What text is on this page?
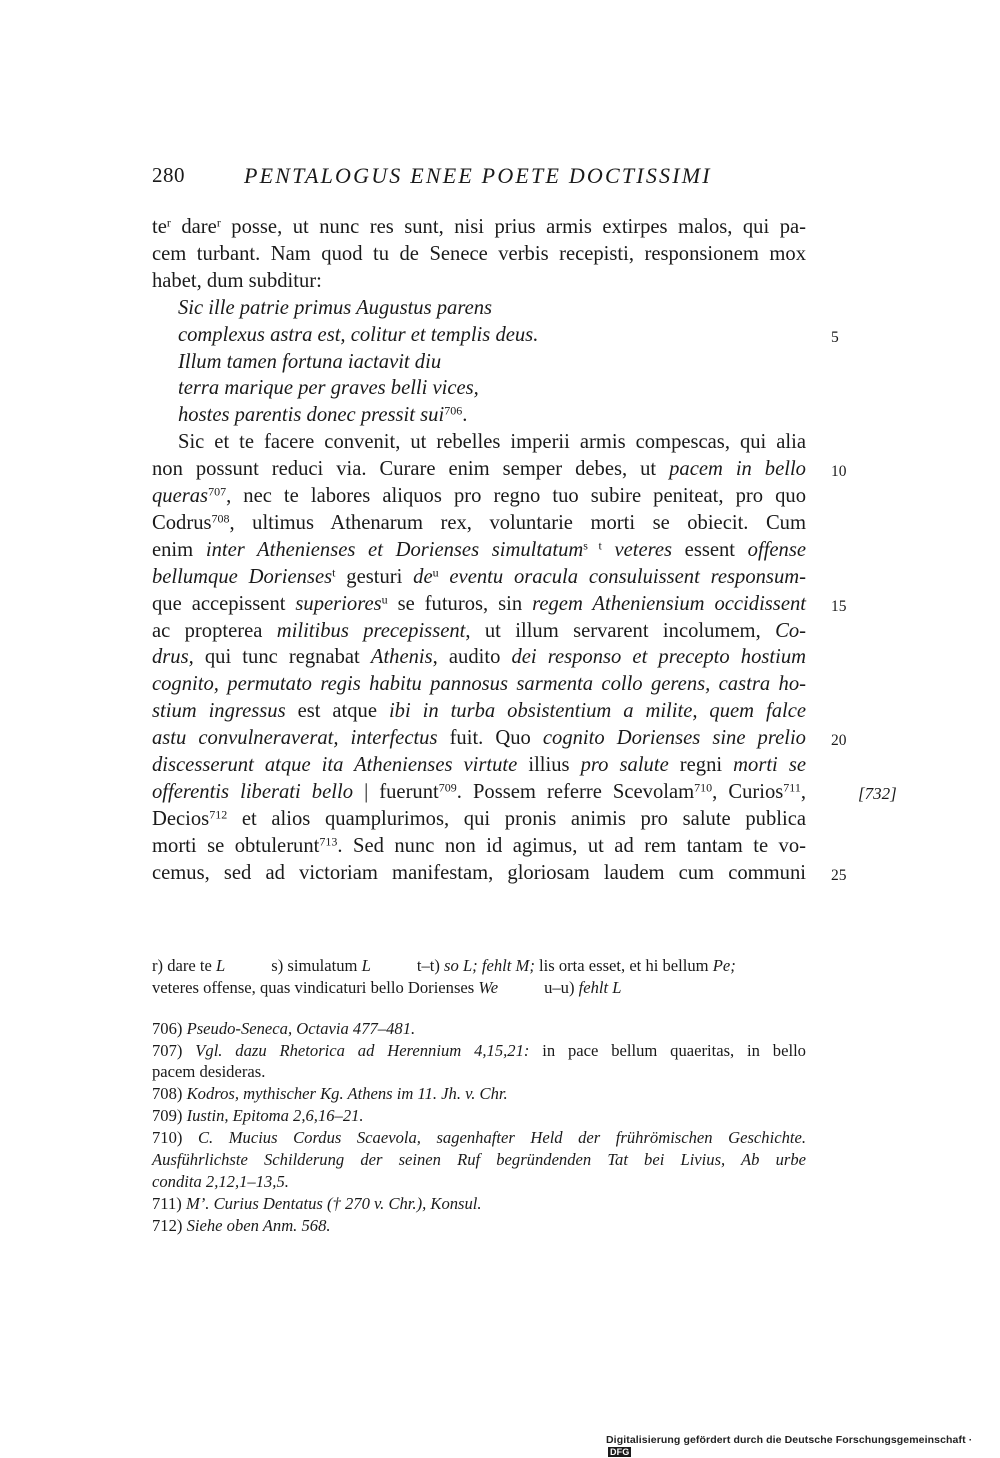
280	PENTALOGUS ENEE POETE DOCTISSIMI
$te^r$ dare$^r$ posse, ut nunc res sunt, nisi prius armis extirpes malos, qui pa-
cem turbant. Nam quod tu de Senece verbis recepisti, responsionem mox
habet, dum subditur:
Sic ille patrie primus Augustus parens
complexus astra est, colitur et templis deus.
Illum tamen fortuna iactavit diu
terra marique per graves belli vices,
hostes parentis donec pressit sui$^{706}$.
Sic et te facere convenit, ut rebelles imperii armis compescas, qui alia
non possunt reduci via. Curare enim semper debes, ut pacem in bello
queras$^{707}$, nec te labores aliquos pro regno tuo subire peniteat, pro quo
Codrus$^{708}$, ultimus Athenarum rex, voluntarie morti se obiecit. Cum
enim inter Athenienses et Dorienses simultatum$^{s t}$ veteres essent offense
bellumque Dorienses$^t$ gesturi $de^u$ eventu oracula consuluissent responsum-
que accepissent superiores$^u$ se futuros, sin regem Atheniensium occidissent
ac propterea militibus precepissent, ut illum servarent incolumem, Co-
drus, qui tunc regnabat Athenis, audito dei responso et precepto hostium
cognito, permutato regis habitu pannosus sarmenta collo gerens, castra ho-
stium ingressus est atque ibi in turba obsistentium a milite, quem falce
astu convulneraverat, interfectus fuit. Quo cognito Dorienses sine prelio
discesserunt atque ita Athenienses virtute illius pro salute regni morti se
offerentis liberati bello | fuerunt$^{709}$. Possem referre Scevolam$^{710}$, Curios$^{711}$,
Decios$^{712}$ et alios quamplurimos, qui pronis animis pro salute publica
morti se obtulerunt$^{713}$. Sed nunc non id agimus, ut ad rem tantam te vo-
cemus, sed ad victoriam manifestam, gloriosam laudem cum communi
5
10
15
20
25
[732]
r) dare te L	s) simulatum L	t–t) so L; fehlt M; lis orta esset, et hi bellum Pe;
veteres offense, quas vindicaturi bello Dorienses We	u–u) fehlt L
706) Pseudo-Seneca, Octavia 477–481.
707) Vgl. dazu Rhetorica ad Herennium 4,15,21: in pace bellum quaeritas, in bello
pacem desideras.
708) Kodros, mythischer Kg. Athens im 11. Jh. v. Chr.
709) Iustin, Epitoma 2,6,16–21.
710) C. Mucius Cordus Scaevola, sagenhafter Held der frührömischen Geschichte.
Ausführlichste Schilderung der seinen Ruf begründenden Tat bei Livius, Ab urbe
condita 2,12,1–13,5.
711) M’. Curius Dentatus († 270 v. Chr.), Konsul.
712) Siehe oben Anm. 568.
Digitalisierung gefördert durch die Deutsche Forschungsgemeinschaft · DFG
